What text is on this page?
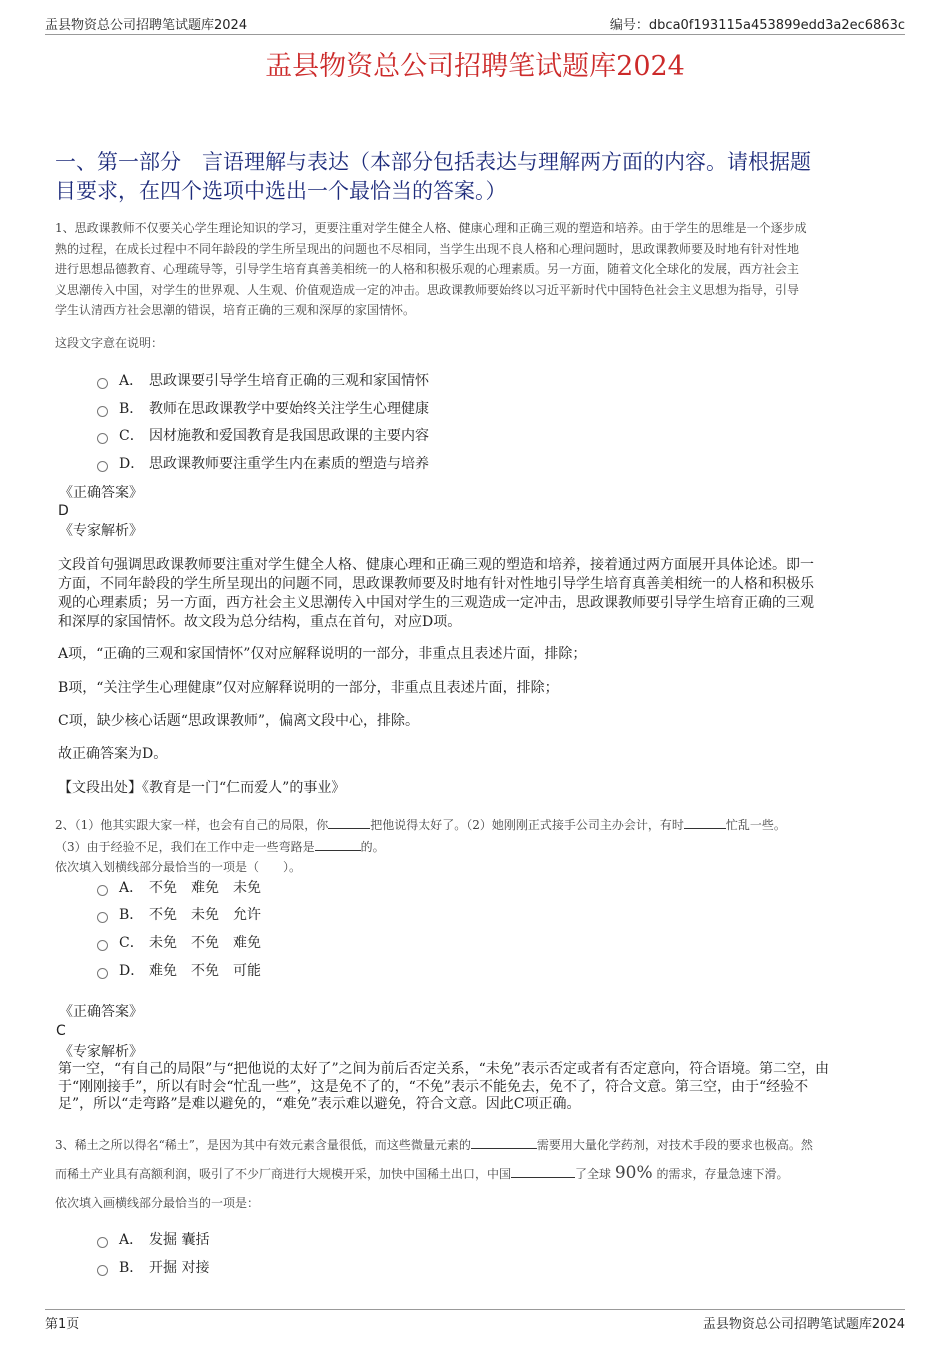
盂县物资总公司招聘笔试题库2024	编号：dbca0f193115a453899edd3a2ec6863c
盂县物资总公司招聘笔试题库2024
一、第一部分　言语理解与表达（本部分包括表达与理解两方面的内容。请根据题
目要求，在四个选项中选出一个最恰当的答案。）
1、思政课教师不仅要关心学生理论知识的学习，更要注重对学生健全人格、健康心理和正确三观的塑造和培养。由于学生的思维是一个逐步成
熟的过程，在成长过程中不同年龄段的学生所呈现出的问题也不尽相同，当学生出现不良人格和心理问题时，思政课教师要及时地有针对性地
进行思想品德教育、心理疏导等，引导学生培育真善美相统一的人格和积极乐观的心理素质。另一方面，随着文化全球化的发展，西方社会主
义思潮传入中国，对学生的世界观、人生观、价值观造成一定的冲击。思政课教师要始终以习近平新时代中国特色社会主义思想为指导，引导
学生认清西方社会思潮的错误，培育正确的三观和深厚的家国情怀。
这段文字意在说明：
A． 思政课要引导学生培育正确的三观和家国情怀
B． 教师在思政课教学中要始终关注学生心理健康
C． 因材施教和爱国教育是我国思政课的主要内容
D． 思政课教师要注重学生内在素质的塑造与培养
《正确答案》
D
《专家解析》
文段首句强调思政课教师要注重对学生健全人格、健康心理和正确三观的塑造和培养，接着通过两方面展开具体论述。即一
方面，不同年龄段的学生所呈现出的问题不同，思政课教师要及时地有针对性地引导学生培育真善美相统一的人格和积极乐
观的心理素质；另一方面，西方社会主义思潮传入中国对学生的三观造成一定冲击，思政课教师要引导学生培育正确的三观
和深厚的家国情怀。故文段为总分结构，重点在首句，对应D项。
A项，“正确的三观和家国情怀”仅对应解释说明的一部分，非重点且表述片面，排除；
B项，“关注学生心理健康”仅对应解释说明的一部分，非重点且表述片面，排除；
C项，缺少核心话题“思政课教师”，偏离文段中心，排除。
故正确答案为D。
【文段出处】《教育是一门“仁而爱人”的事业》
2、（1）他其实跟大家一样，也会有自己的局限，你	把他说得太好了。（2）她刚刚正式接手公司主办会计，有时	忙乱一些。
（3）由于经验不足，我们在工作中走一些弯路是	的。
依次填入划横线部分最恰当的一项是（　　）。
A． 不免　难免　未免
B． 不免　未免　允许
C． 未免　不免　难免
D． 难免　不免　可能
《正确答案》
C
《专家解析》
第一空，“有自己的局限”与“把他说的太好了”之间为前后否定关系，“未免”表示否定或者有否定意向，符合语境。第二空，由
于“刚刚接手”，所以有时会“忙乱一些”，这是免不了的，“不免”表示不能免去，免不了，符合文意。第三空，由于“经验不
足”，所以“走弯路”是难以避免的，“难免”表示难以避免，符合文意。因此C项正确。
3、稀土之所以得名“稀土”，是因为其中有效元素含量很低，而这些微量元素的	需要用大量化学药剂，对技术手段的要求也极高。然
而稀土产业具有高额利润，吸引了不少厂商进行大规模开采，加快中国稀土出口，中国	了全球 90% 的需求，存量急速下滑。
依次填入画横线部分最恰当的一项是：
A． 发掘 囊括
B． 开掘 对接
第1页	盂县物资总公司招聘笔试题库2024
